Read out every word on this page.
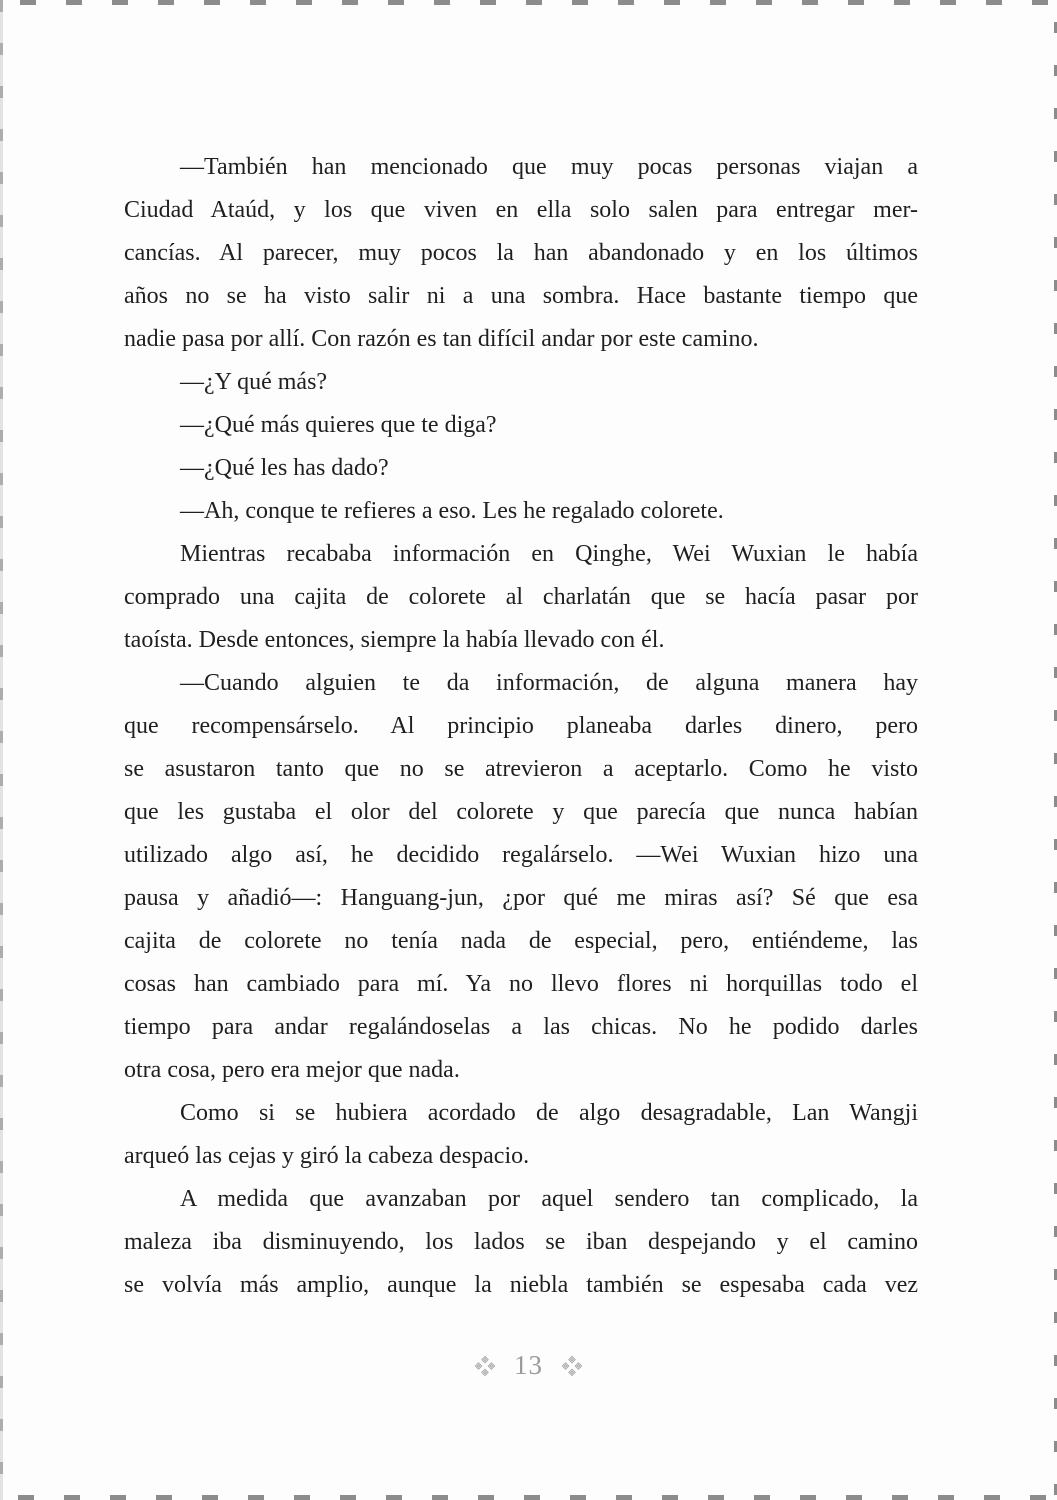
—También han mencionado que muy pocas personas viajan a
Ciudad Ataúd, y los que viven en ella solo salen para entregar mer-
cancías. Al parecer, muy pocos la han abandonado y en los últimos
años no se ha visto salir ni a una sombra. Hace bastante tiempo que
nadie pasa por allí. Con razón es tan difícil andar por este camino.
—¿Y qué más?
—¿Qué más quieres que te diga?
—¿Qué les has dado?
—Ah, conque te refieres a eso. Les he regalado colorete.
Mientras recababa información en Qinghe, Wei Wuxian le había
comprado una cajita de colorete al charlatán que se hacía pasar por
taoísta. Desde entonces, siempre la había llevado con él.
—Cuando alguien te da información, de alguna manera hay
que recompensárselo. Al principio planeaba darles dinero, pero
se asustaron tanto que no se atrevieron a aceptarlo. Como he visto
que les gustaba el olor del colorete y que parecía que nunca habían
utilizado algo así, he decidido regalárselo. —Wei Wuxian hizo una
pausa y añadió—: Hanguang-jun, ¿por qué me miras así? Sé que esa
cajita de colorete no tenía nada de especial, pero, entiéndeme, las
cosas han cambiado para mí. Ya no llevo flores ni horquillas todo el
tiempo para andar regalándoselas a las chicas. No he podido darles
otra cosa, pero era mejor que nada.
Como si se hubiera acordado de algo desagradable, Lan Wangji
arqueó las cejas y giró la cabeza despacio.
A medida que avanzaban por aquel sendero tan complicado, la
maleza iba disminuyendo, los lados se iban despejando y el camino
se volvía más amplio, aunque la niebla también se espesaba cada vez
13
